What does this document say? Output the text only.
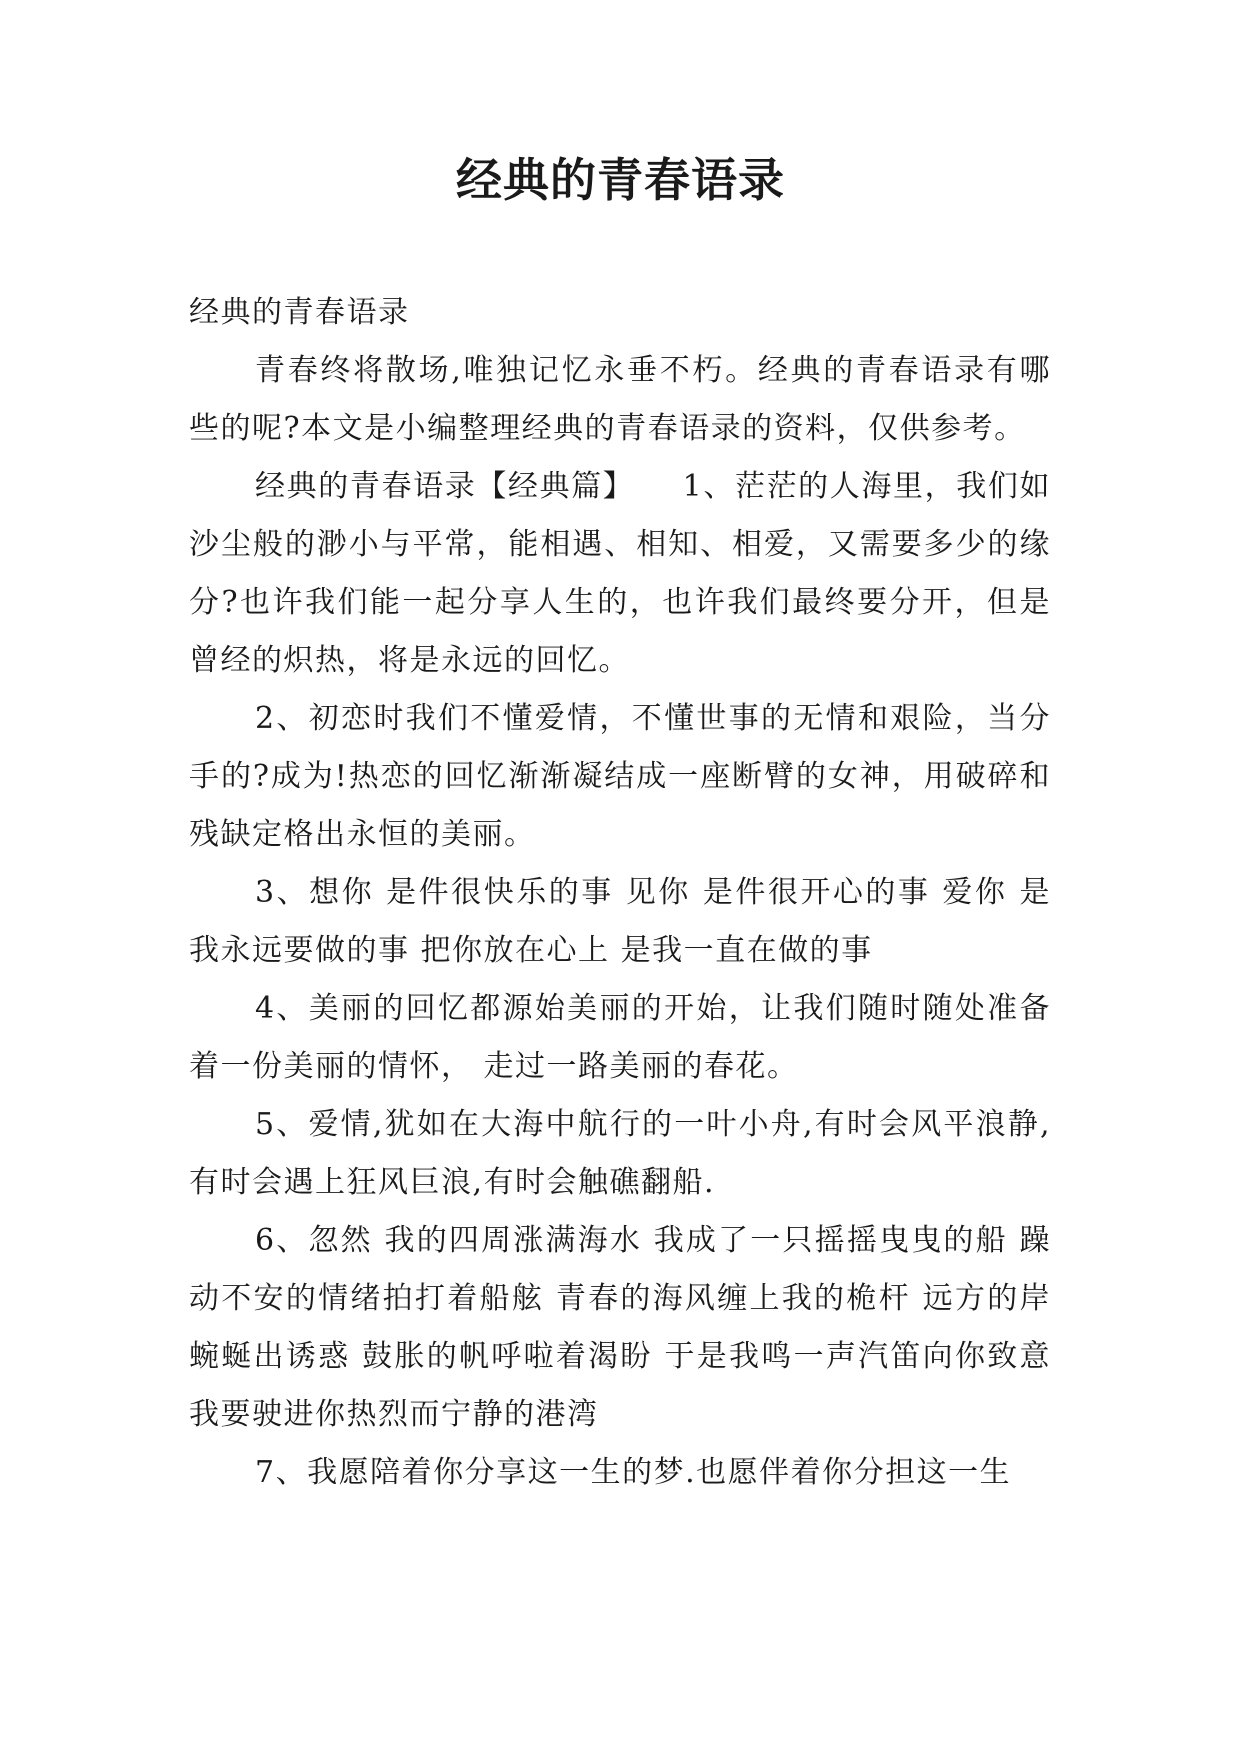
经典的青春语录

经典的青春语录

青春终将散场,唯独记忆永垂不朽。经典的青春语录有哪些的呢?本文是小编整理经典的青春语录的资料，仅供参考。

经典的青春语录【经典篇】　　1、茫茫的人海里，我们如沙尘般的渺小与平常，能相遇、相知、相爱，又需要多少的缘分?也许我们能一起分享人生的，也许我们最终要分开，但是曾经的炽热，将是永远的回忆。

2、初恋时我们不懂爱情，不懂世事的无情和艰险，当分手的?成为!热恋的回忆渐渐凝结成一座断臂的女神，用破碎和残缺定格出永恒的美丽。

3、想你 是件很快乐的事 见你 是件很开心的事 爱你 是我永远要做的事 把你放在心上 是我一直在做的事

4、美丽的回忆都源始美丽的开始，让我们随时随处准备着一份美丽的情怀， 走过一路美丽的春花。

5、爱情,犹如在大海中航行的一叶小舟,有时会风平浪静,有时会遇上狂风巨浪,有时会触礁翻船.

6、忽然 我的四周涨满海水 我成了一只摇摇曳曳的船 躁动不安的情绪拍打着船舷 青春的海风缠上我的桅杆 远方的岸蜿蜒出诱惑 鼓胀的帆呼啦着渴盼 于是我鸣一声汽笛向你致意 我要驶进你热烈而宁静的港湾

7、我愿陪着你分享这一生的梦.也愿伴着你分担这一生
